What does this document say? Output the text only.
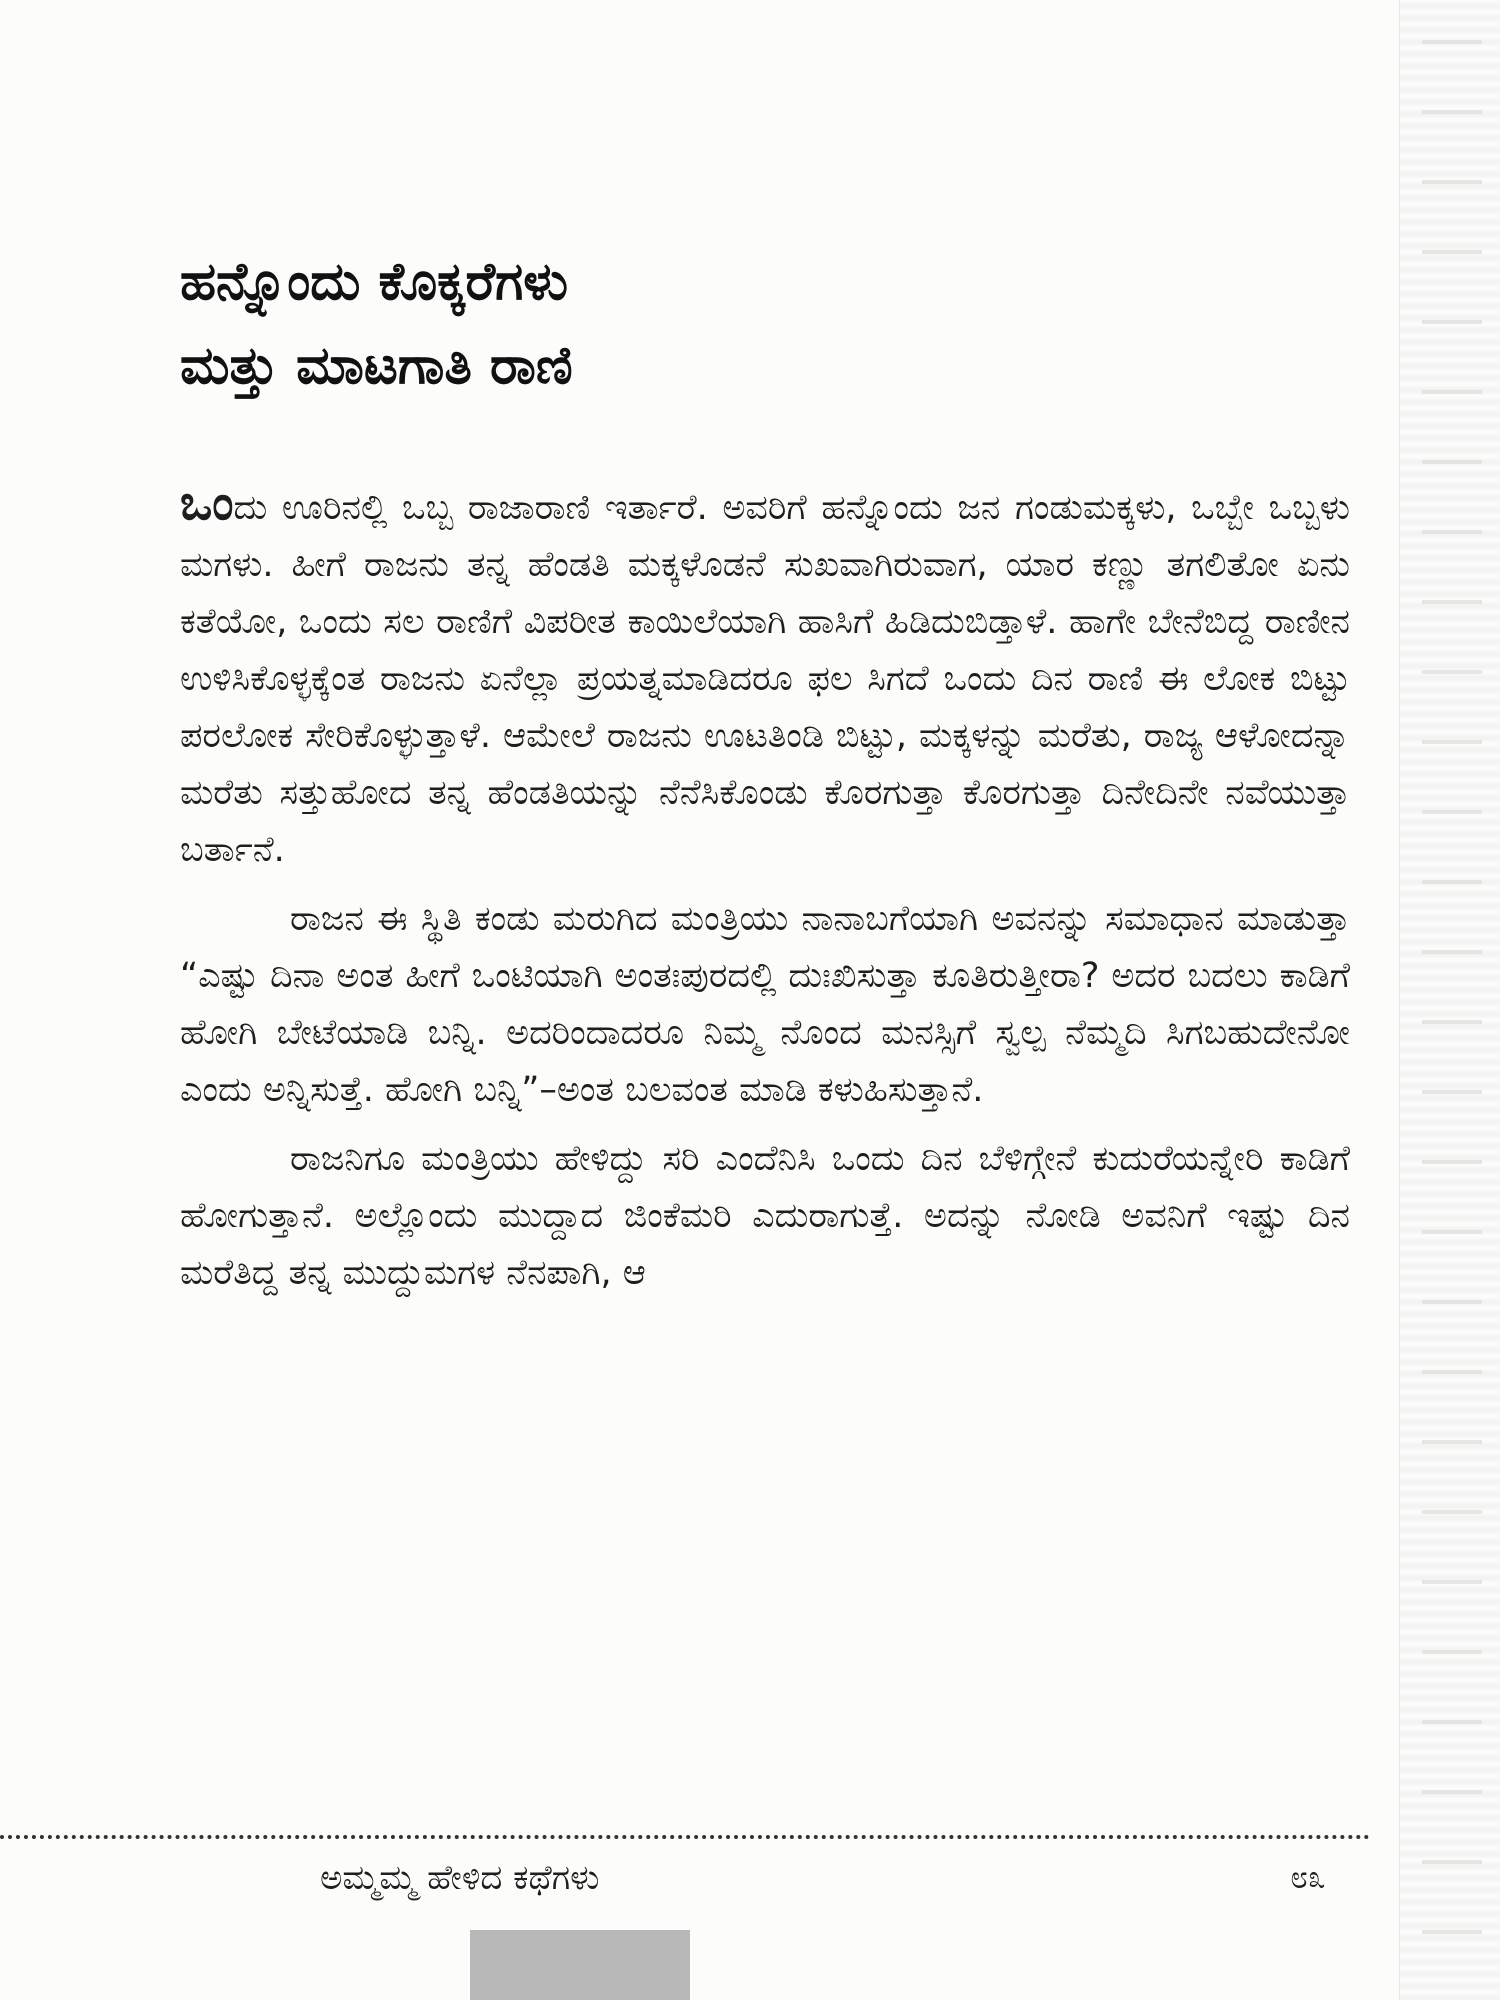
ಹನ್ನೊಂದು ಕೊಕ್ಕರೆಗಳು
ಮತ್ತು ಮಾಟಗಾತಿ ರಾಣಿ

ಒಂದು ಊರಿನಲ್ಲಿ ಒಬ್ಬ ರಾಜಾರಾಣಿ ಇರ್ತಾರೆ. ಅವರಿಗೆ ಹನ್ನೊಂದು ಜನ ಗಂಡುಮಕ್ಕಳು, ಒಬ್ಬೇ ಒಬ್ಬಳು ಮಗಳು. ಹೀಗೆ ರಾಜನು ತನ್ನ ಹೆಂಡತಿ ಮಕ್ಕಳೊಡನೆ ಸುಖವಾಗಿರುವಾಗ, ಯಾರ ಕಣ್ಣು ತಗಲಿತೋ ಏನು ಕತೆಯೋ, ಒಂದು ಸಲ ರಾಣಿಗೆ ವಿಪರೀತ ಕಾಯಿಲೆಯಾಗಿ ಹಾಸಿಗೆ ಹಿಡಿದುಬಿಡ್ತಾಳೆ. ಹಾಗೇ ಬೇನೆಬಿದ್ದ ರಾಣೀನ ಉಳಿಸಿಕೊಳ್ಳಕ್ಕೆಂತ ರಾಜನು ಏನೆಲ್ಲಾ ಪ್ರಯತ್ನಮಾಡಿದರೂ ಫಲ ಸಿಗದೆ ಒಂದು ದಿನ ರಾಣಿ ಈ ಲೋಕ ಬಿಟ್ಟು ಪರಲೋಕ ಸೇರಿಕೊಳ್ಳುತ್ತಾಳೆ. ಆಮೇಲೆ ರಾಜನು ಊಟತಿಂಡಿ ಬಿಟ್ಟು, ಮಕ್ಕಳನ್ನು ಮರೆತು, ರಾಜ್ಯ ಆಳೋದನ್ನಾ ಮರೆತು ಸತ್ತುಹೋದ ತನ್ನ ಹೆಂಡತಿಯನ್ನು ನೆನೆಸಿಕೊಂಡು ಕೊರಗುತ್ತಾ ಕೊರಗುತ್ತಾ ದಿನೇದಿನೇ ನವೆಯುತ್ತಾ ಬರ್ತಾನೆ.

ರಾಜನ ಈ ಸ್ಥಿತಿ ಕಂಡು ಮರುಗಿದ ಮಂತ್ರಿಯು ನಾನಾಬಗೆಯಾಗಿ ಅವನನ್ನು ಸಮಾಧಾನ ಮಾಡುತ್ತಾ “ಎಷ್ಟು ದಿನಾ ಅಂತ ಹೀಗೆ ಒಂಟಿಯಾಗಿ ಅಂತಃಪುರದಲ್ಲಿ ದುಃಖಿಸುತ್ತಾ ಕೂತಿರುತ್ತೀರಾ? ಅದರ ಬದಲು ಕಾಡಿಗೆ ಹೋಗಿ ಬೇಟೆಯಾಡಿ ಬನ್ನಿ. ಅದರಿಂದಾದರೂ ನಿಮ್ಮ ನೊಂದ ಮನಸ್ಸಿಗೆ ಸ್ವಲ್ಪ ನೆಮ್ಮದಿ ಸಿಗಬಹುದೇನೋ ಎಂದು ಅನ್ನಿಸುತ್ತೆ. ಹೋಗಿ ಬನ್ನಿ”–ಅಂತ ಬಲವಂತ ಮಾಡಿ ಕಳುಹಿಸುತ್ತಾನೆ.

ರಾಜನಿಗೂ ಮಂತ್ರಿಯು ಹೇಳಿದ್ದು ಸರಿ ಎಂದೆನಿಸಿ ಒಂದು ದಿನ ಬೆಳಿಗ್ಗೇನೆ ಕುದುರೆಯನ್ನೇರಿ ಕಾಡಿಗೆ ಹೋಗುತ್ತಾನೆ. ಅಲ್ಲೊಂದು ಮುದ್ದಾದ ಜಿಂಕೆಮರಿ ಎದುರಾಗುತ್ತೆ. ಅದನ್ನು ನೋಡಿ ಅವನಿಗೆ ಇಷ್ಟು ದಿನ ಮರೆತಿದ್ದ ತನ್ನ ಮುದ್ದುಮಗಳ ನೆನಪಾಗಿ, ಆ

ಅಮ್ಮಮ್ಮ ಹೇಳಿದ ಕಥೆಗಳು	೮೩
